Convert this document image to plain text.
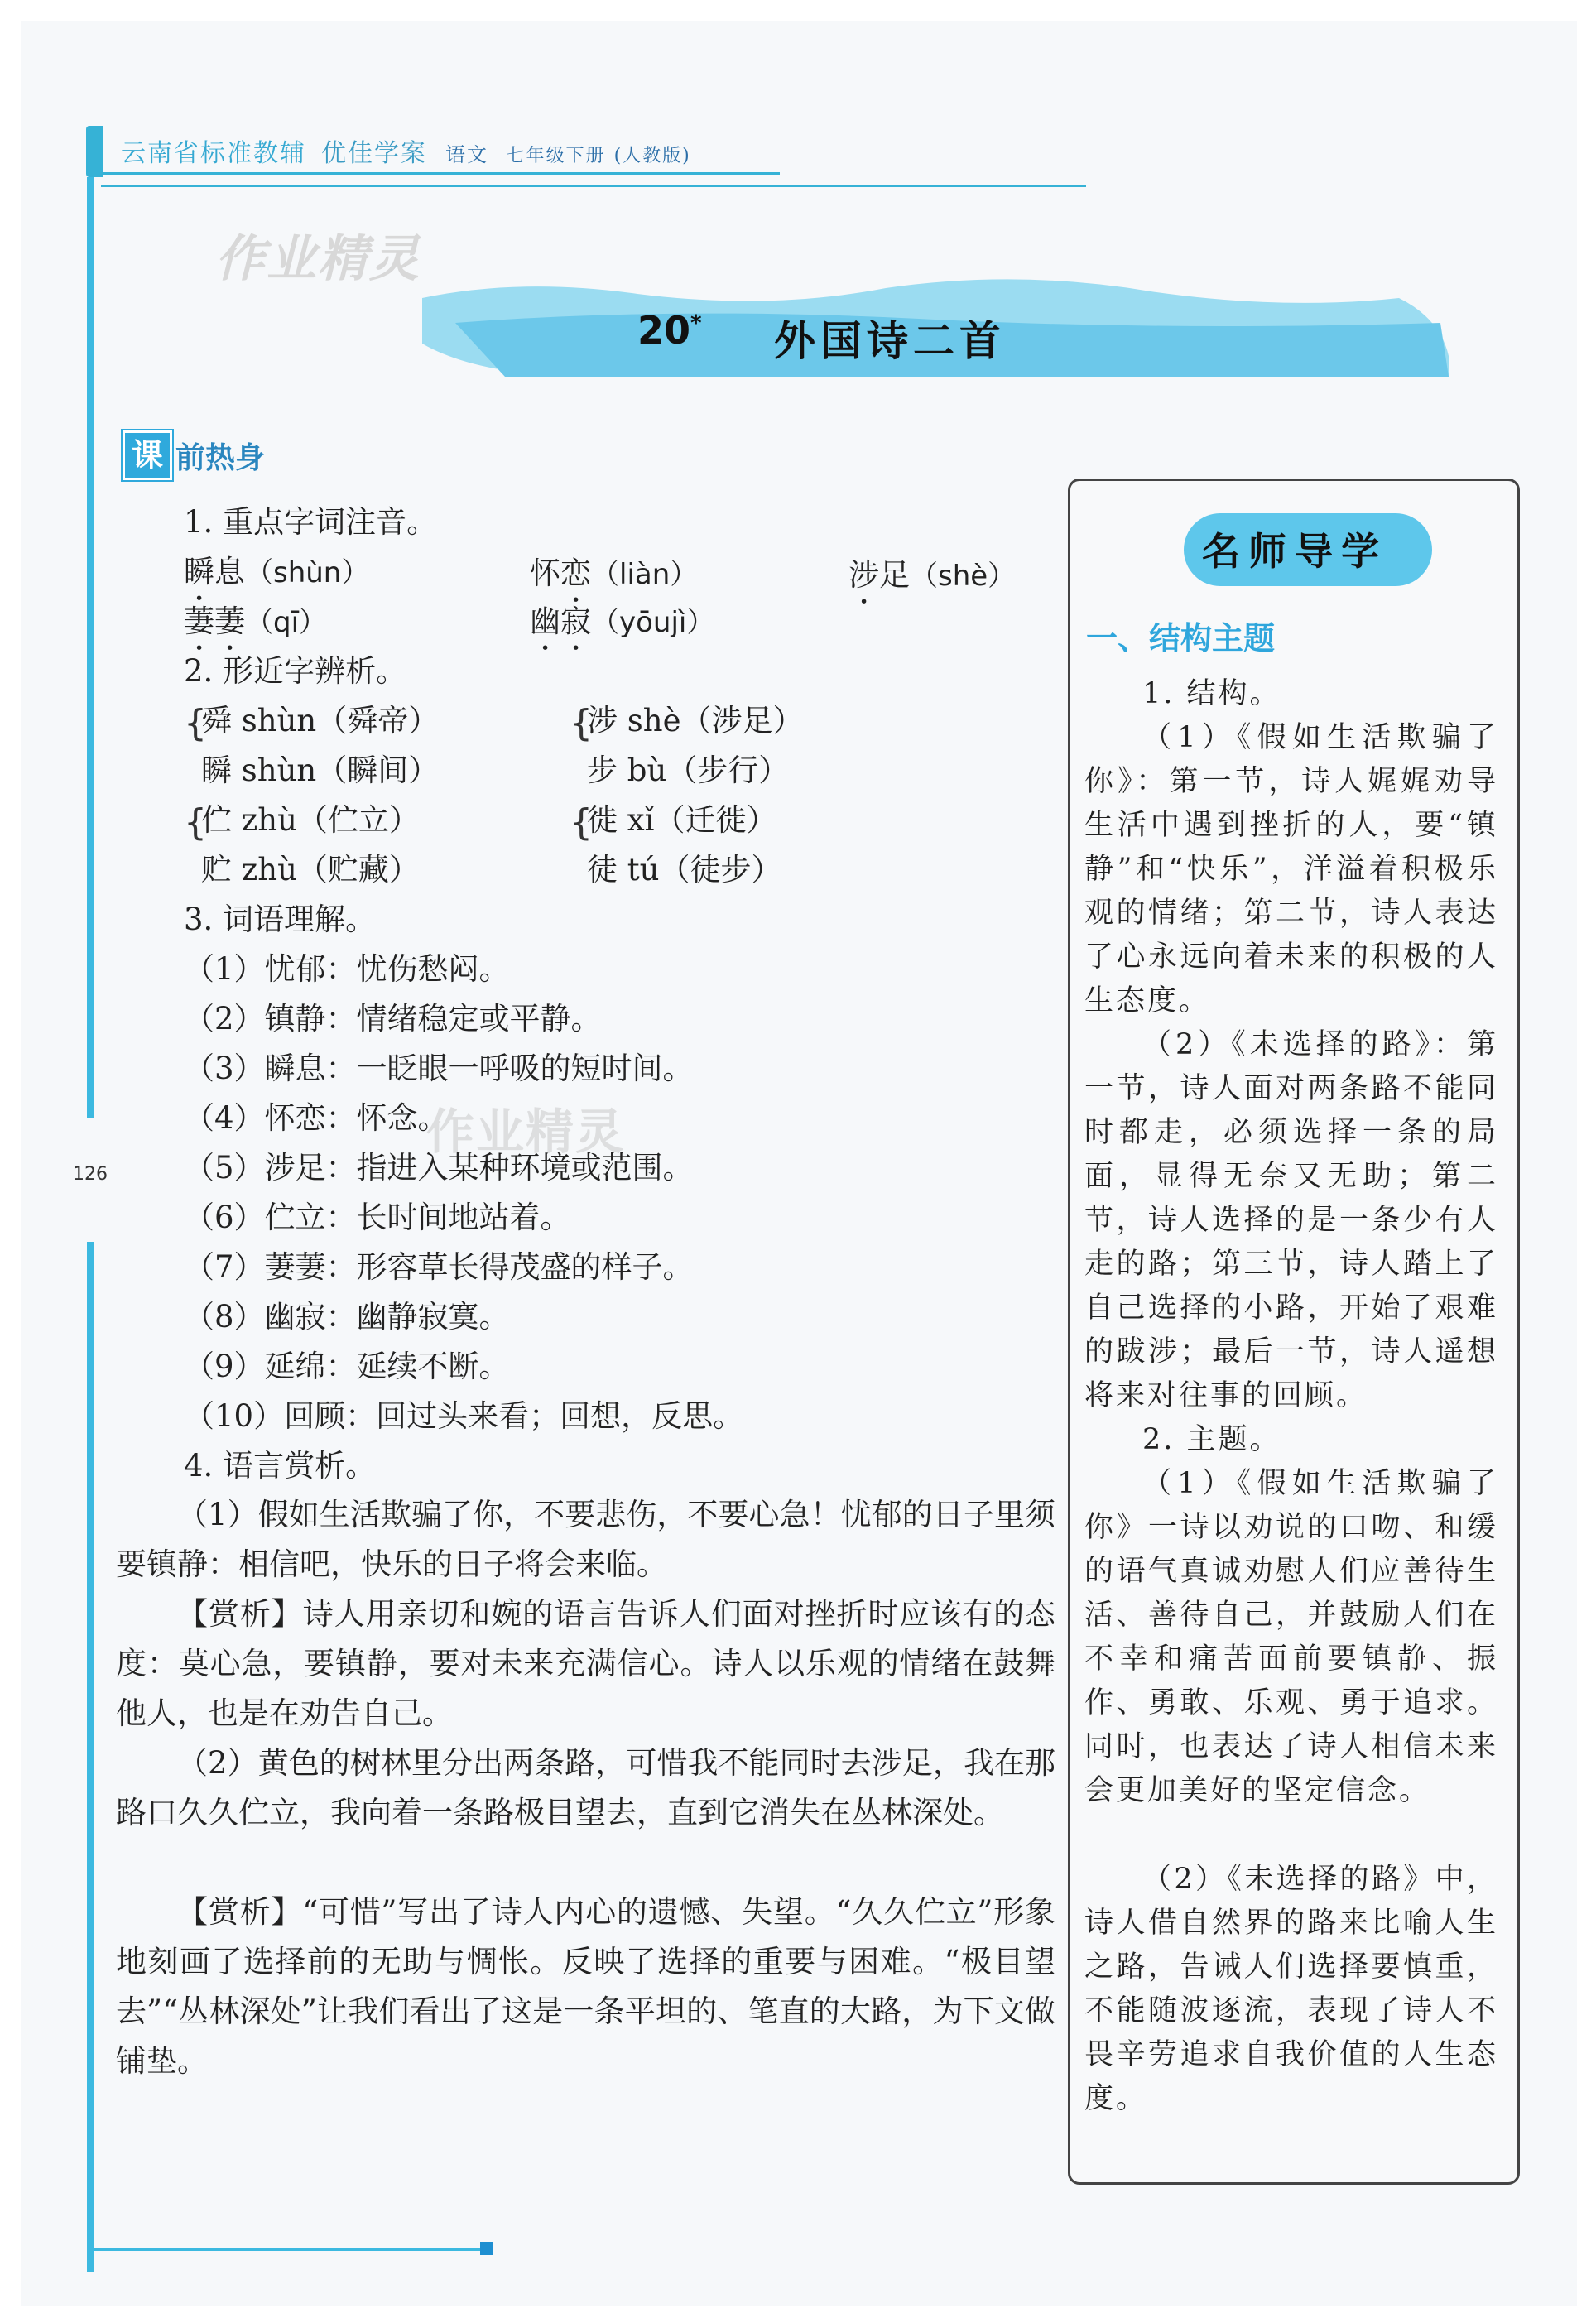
云南省标准教辅 优佳学案 语文 七年级下册 (人教版)
126
作业精灵
20* 外国诗二首
课 前热身
1. 重点字词注音。
瞬息（shùn）	怀恋（liàn）	涉足（shè）
萋萋（qī）	幽寂（yōujì）
2. 形近字辨析。
{
舜 shùn（舜帝）
瞬 shùn（瞬间）
{
涉 shè（涉足）
步 bù（步行）
{
伫 zhù（伫立）
贮 zhù（贮藏）
{
徙 xǐ（迁徙）
徒 tú（徒步）
3. 词语理解。
（1）忧郁：忧伤愁闷。
（2）镇静：情绪稳定或平静。
（3）瞬息：一眨眼一呼吸的短时间。
（4）怀恋：怀念。
（5）涉足：指进入某种环境或范围。
（6）伫立：长时间地站着。
（7）萋萋：形容草长得茂盛的样子。
（8）幽寂：幽静寂寞。
（9）延绵：延续不断。
（10）回顾：回过头来看；回想，反思。
作业精灵
4. 语言赏析。
（1）假如生活欺骗了你，不要悲伤，不要心急！忧郁的日子里须要镇静：相信吧，快乐的日子将会来临。
【赏析】诗人用亲切和婉的语言告诉人们面对挫折时应该有的态度：莫心急，要镇静，要对未来充满信心。诗人以乐观的情绪在鼓舞他人，也是在劝告自己。
（2）黄色的树林里分出两条路，可惜我不能同时去涉足，我在那路口久久伫立，我向着一条路极目望去，直到它消失在丛林深处。
【赏析】“可惜”写出了诗人内心的遗憾、失望。“久久伫立”形象地刻画了选择前的无助与惆怅。反映了选择的重要与困难。“极目望去”“丛林深处”让我们看出了这是一条平坦的、笔直的大路，为下文做铺垫。
名师导学
一、结构主题
1. 结构。
（1）《假如生活欺骗了你》：第一节，诗人娓娓劝导生活中遇到挫折的人，要“镇静”和“快乐”，洋溢着积极乐观的情绪；第二节，诗人表达了心永远向着未来的积极的人生态度。
（2）《未选择的路》：第一节，诗人面对两条路不能同时都走，必须选择一条的局面，显得无奈又无助；第二节，诗人选择的是一条少有人走的路；第三节，诗人踏上了自己选择的小路，开始了艰难的跋涉；最后一节，诗人遥想将来对往事的回顾。
2. 主题。
（1）《假如生活欺骗了你》一诗以劝说的口吻、和缓的语气真诚劝慰人们应善待生活、善待自己，并鼓励人们在不幸和痛苦面前要镇静、振作、勇敢、乐观、勇于追求。同时，也表达了诗人相信未来会更加美好的坚定信念。
（2）《未选择的路》中，诗人借自然界的路来比喻人生之路，告诫人们选择要慎重，不能随波逐流，表现了诗人不畏辛劳追求自我价值的人生态度。
